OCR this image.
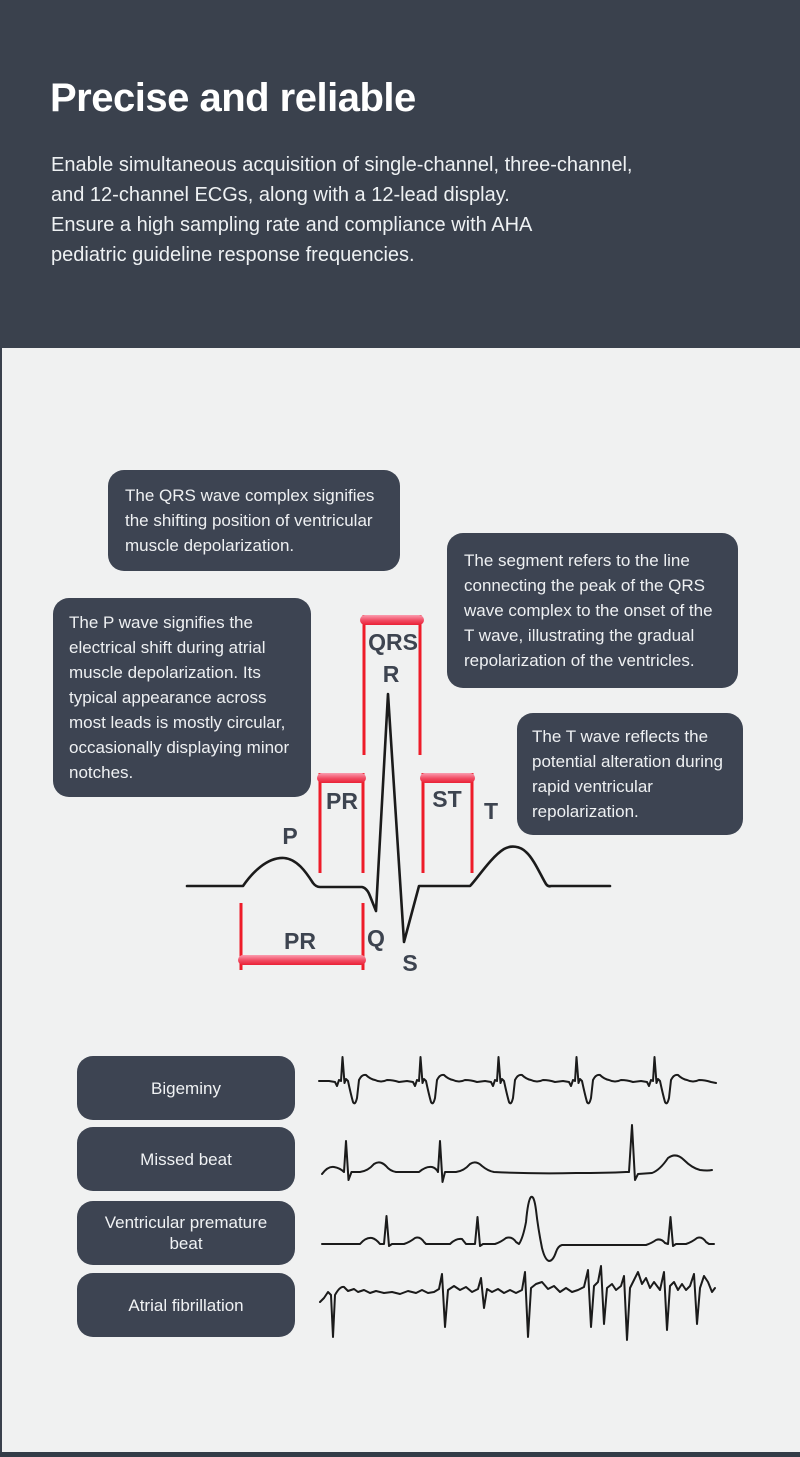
Precise and reliable
Enable simultaneous acquisition of single-channel, three-channel,
and 12-channel ECGs, along with a 12-lead display.
Ensure a high sampling rate and compliance with AHA
pediatric guideline response frequencies.
The QRS wave complex signifies the shifting position of ventricular muscle depolarization.
The segment refers to the line connecting the peak of the QRS wave complex to the onset of the T wave, illustrating the gradual repolarization of the ventricles.
The P wave signifies the electrical shift during atrial muscle depolarization. Its typical appearance across most leads is mostly circular, occasionally displaying minor notches.
The T wave reflects the potential alteration during rapid ventricular repolarization.
QRS
R
P
Q
S
T
PR	ST
PR
Bigeminy
Missed beat
Ventricular premature beat
Atrial fibrillation
